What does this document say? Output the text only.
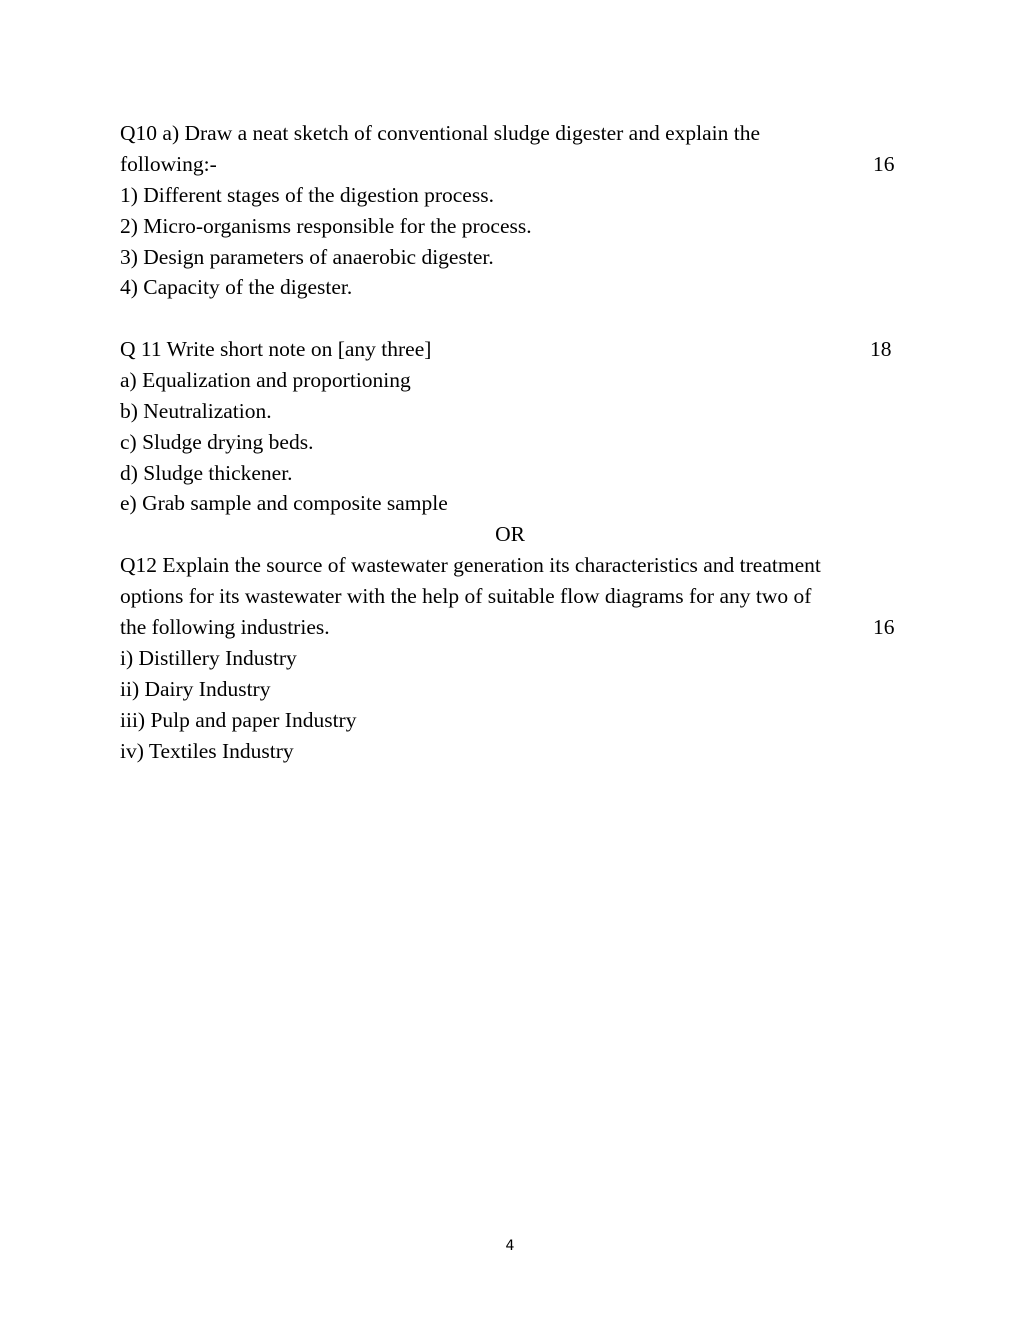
Q10 a) Draw a neat sketch of conventional sludge digester and explain the
following:-	16
1) Different stages of the digestion process.
2) Micro-organisms responsible for the process.
3) Design parameters of anaerobic digester.
4) Capacity of the digester.
Q 11 Write short note on [any three]	18
a) Equalization and proportioning
b) Neutralization.
c) Sludge drying beds.
d) Sludge thickener.
e) Grab sample and composite sample
OR
Q12 Explain the source of wastewater generation its characteristics and treatment
options for its wastewater with the help of suitable flow diagrams for any two of
the following industries.	16
i) Distillery Industry
ii) Dairy Industry
iii) Pulp and paper Industry
iv) Textiles Industry
4
